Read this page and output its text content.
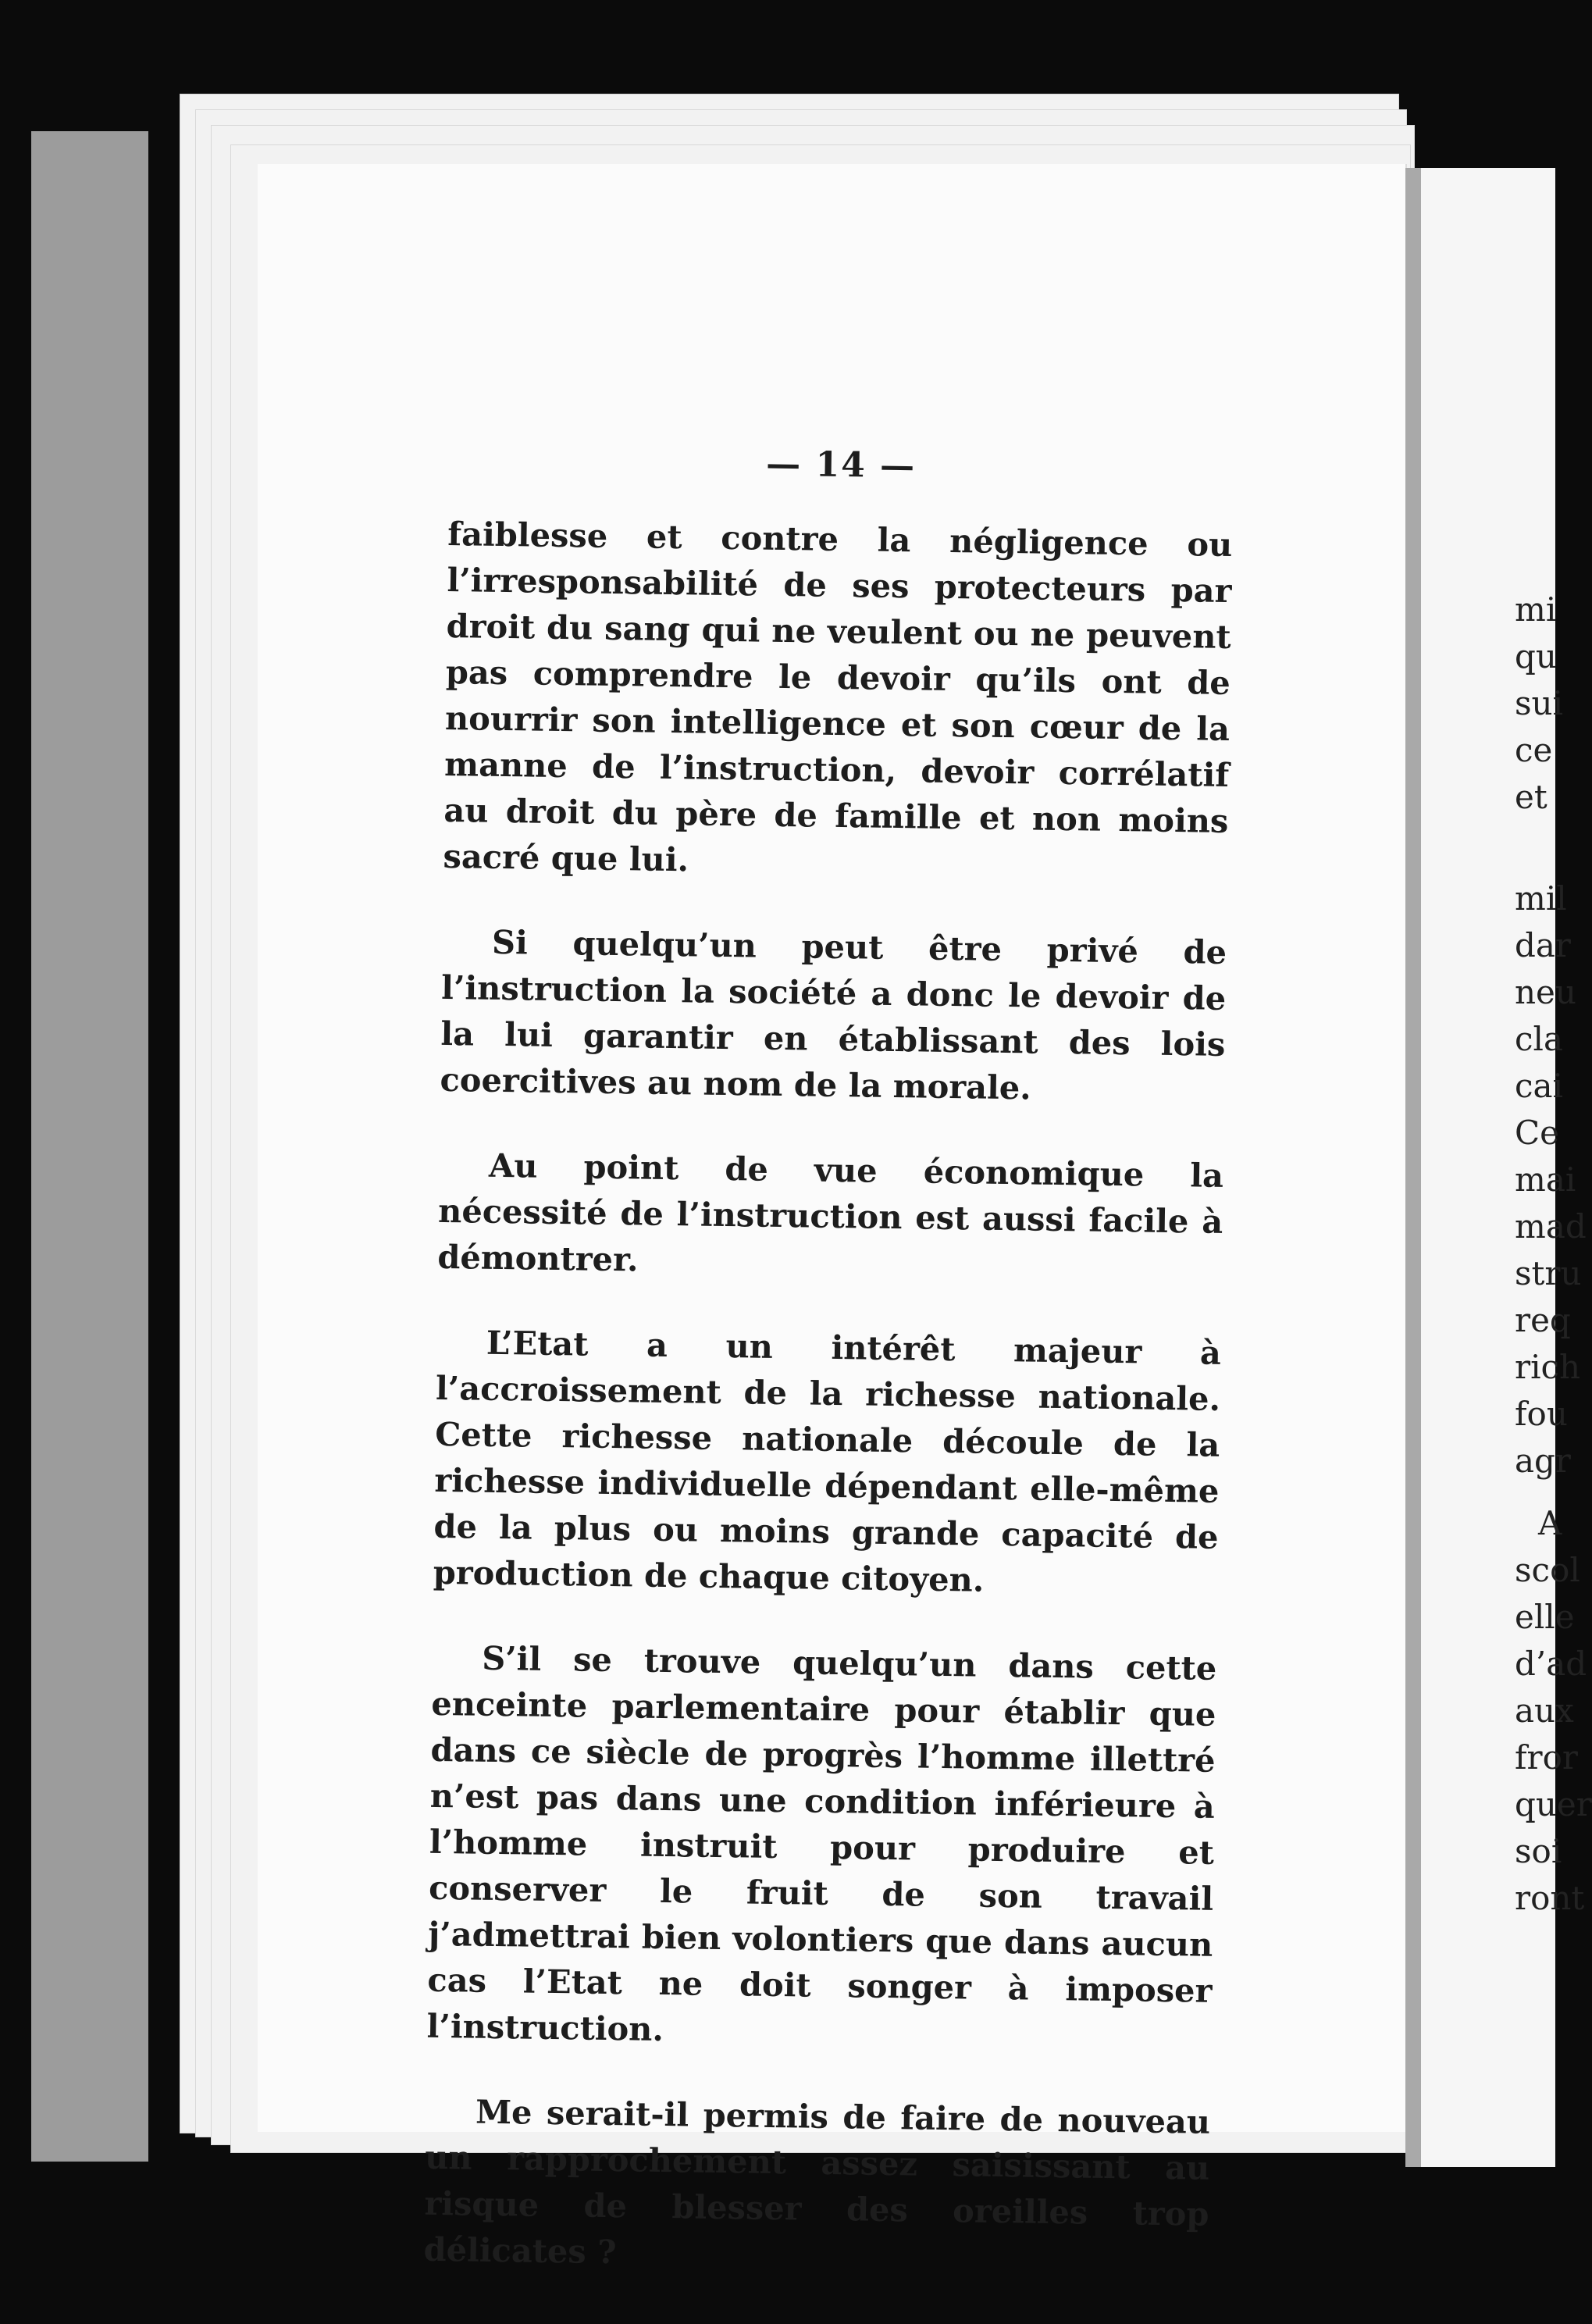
mi
qu
sui
ce
et
mil
dar
neu
cla
cai
Ce
mai
mad
stru
req
rich
fou
agr
A
scol
elle
d’ad
aux
fror
quer
soi
ront
— 14 —

faiblesse et contre la négligence ou l’irresponsabilité de ses protecteurs par droit du sang qui ne veulent ou ne peuvent pas comprendre le devoir qu’ils ont de nourrir son intelligence et son cœur de la manne de l’instruction, devoir corrélatif au droit du père de famille et non moins sacré que lui.

Si quelqu’un peut être privé de l’instruction la société a donc le devoir de la lui garantir en établissant des lois coercitives au nom de la morale.

Au point de vue économique la nécessité de l’instruction est aussi facile à démontrer.

L’Etat a un intérêt majeur à l’accroissement de la richesse nationale. Cette richesse nationale découle de la richesse individuelle dépendant elle-même de la plus ou moins grande capacité de production de chaque citoyen.

S’il se trouve quelqu’un dans cette enceinte parlementaire pour établir que dans ce siècle de progrès l’homme illettré n’est pas dans une condition inférieure à l’homme instruit pour produire et conserver le fruit de son travail j’admettrai bien volontiers que dans aucun cas l’Etat ne doit songer à imposer l’instruction.

Me serait-il permis de faire de nouveau un rapprochement assez saisissant au risque de blesser des oreilles trop délicates ?
